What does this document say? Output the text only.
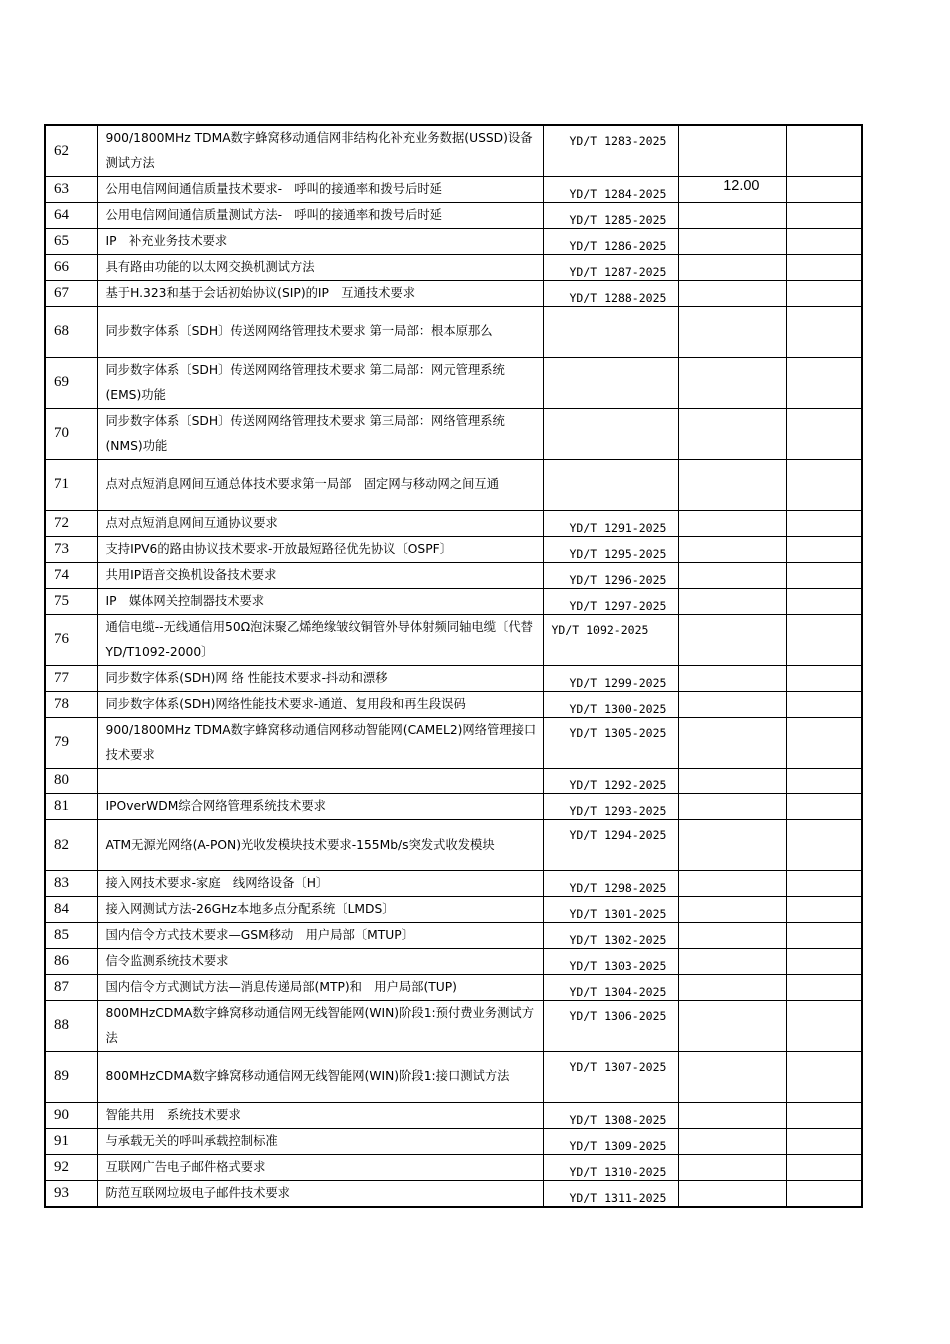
62	900/1800MHz TDMA数字蜂窝移动通信网非结构化补充业务数据(USSD)设备测试方法	YD/T 1283-2025		
63	公用电信网间通信质量技术要求-　呼叫的接通率和拨号后时延	YD/T 1284-2025	12.00	
64	公用电信网间通信质量测试方法-　呼叫的接通率和拨号后时延	YD/T 1285-2025		
65	IP　补充业务技术要求	YD/T 1286-2025		
66	具有路由功能的以太网交换机测试方法	YD/T 1287-2025		
67	基于H.323和基于会话初始协议(SIP)的IP　互通技术要求	YD/T 1288-2025		
68	同步数字体系〔SDH〕传送网网络管理技术要求 第一局部：根本原那么			
69	同步数字体系〔SDH〕传送网网络管理技术要求 第二局部：网元管理系统(EMS)功能			
70	同步数字体系〔SDH〕传送网网络管理技术要求 第三局部：网络管理系统(NMS)功能			
71	点对点短消息网间互通总体技术要求第一局部　固定网与移动网之间互通			
72	点对点短消息网间互通协议要求	YD/T 1291-2025		
73	支持IPV6的路由协议技术要求-开放最短路径优先协议〔OSPF〕	YD/T 1295-2025		
74	共用IP语音交换机设备技术要求	YD/T 1296-2025		
75	IP　媒体网关控制器技术要求	YD/T 1297-2025		
76	通信电缆--无线通信用50Ω泡沫聚乙烯绝缘皱纹铜管外导体射频同轴电缆〔代替YD/T1092-2000〕	YD/T 1092-2025		
77	同步数字体系(SDH)网 络 性能技术要求-抖动和漂移	YD/T 1299-2025		
78	同步数字体系(SDH)网络性能技术要求-通道、复用段和再生段误码	YD/T 1300-2025		
79	900/1800MHz TDMA数字蜂窝移动通信网移动智能网(CAMEL2)网络管理接口技术要求	YD/T 1305-2025		
80		YD/T 1292-2025		
81	IPOverWDM综合网络管理系统技术要求	YD/T 1293-2025		
82	ATM无源光网络(A-PON)光收发模块技术要求-155Mb/s突发式收发模块	YD/T 1294-2025		
83	接入网技术要求-家庭　线网络设备〔H〕	YD/T 1298-2025		
84	接入网测试方法-26GHz本地多点分配系统〔LMDS〕	YD/T 1301-2025		
85	国内信令方式技术要求—GSM移动　用户局部〔MTUP〕	YD/T 1302-2025		
86	信令监测系统技术要求	YD/T 1303-2025		
87	国内信令方式测试方法—消息传递局部(MTP)和　用户局部(TUP)	YD/T 1304-2025		
88	800MHzCDMA数字蜂窝移动通信网无线智能网(WIN)阶段1:预付费业务测试方法	YD/T 1306-2025		
89	800MHzCDMA数字蜂窝移动通信网无线智能网(WIN)阶段1:接口测试方法	YD/T 1307-2025		
90	智能共用　系统技术要求	YD/T 1308-2025		
91	与承载无关的呼叫承载控制标准	YD/T 1309-2025		
92	互联网广告电子邮件格式要求	YD/T 1310-2025		
93	防范互联网垃圾电子邮件技术要求	YD/T 1311-2025		
